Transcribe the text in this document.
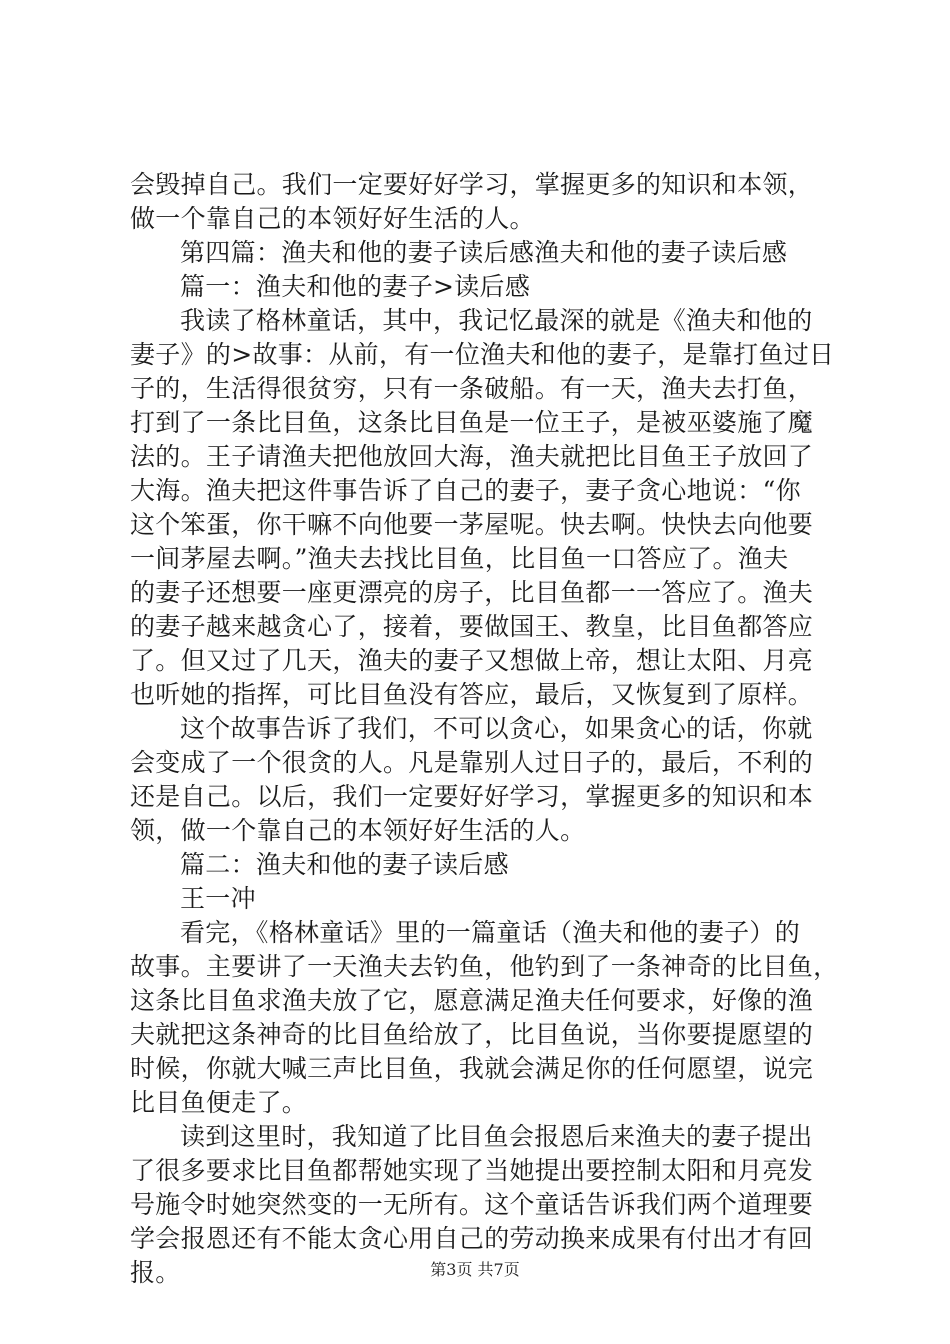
会毁掉自己。我们一定要好好学习，掌握更多的知识和本领，
做一个靠自己的本领好好生活的人。
第四篇：渔夫和他的妻子读后感渔夫和他的妻子读后感
篇一：渔夫和他的妻子>读后感
我读了格林童话，其中，我记忆最深的就是《渔夫和他的
妻子》的>故事：从前，有一位渔夫和他的妻子，是靠打鱼过日
子的，生活得很贫穷，只有一条破船。有一天，渔夫去打鱼，
打到了一条比目鱼，这条比目鱼是一位王子，是被巫婆施了魔
法的。王子请渔夫把他放回大海，渔夫就把比目鱼王子放回了
大海。渔夫把这件事告诉了自己的妻子，妻子贪心地说：“你
这个笨蛋，你干嘛不向他要一茅屋呢。快去啊。快快去向他要
一间茅屋去啊。”渔夫去找比目鱼，比目鱼一口答应了。渔夫
的妻子还想要一座更漂亮的房子，比目鱼都一一答应了。渔夫
的妻子越来越贪心了，接着，要做国王、教皇，比目鱼都答应
了。但又过了几天，渔夫的妻子又想做上帝，想让太阳、月亮
也听她的指挥，可比目鱼没有答应，最后，又恢复到了原样。
这个故事告诉了我们，不可以贪心，如果贪心的话，你就
会变成了一个很贪的人。凡是靠别人过日子的，最后，不利的
还是自己。以后，我们一定要好好学习，掌握更多的知识和本
领，做一个靠自己的本领好好生活的人。
篇二：渔夫和他的妻子读后感
王一冲
看完，《格林童话》里的一篇童话（渔夫和他的妻子）的
故事。主要讲了一天渔夫去钓鱼，他钓到了一条神奇的比目鱼，
这条比目鱼求渔夫放了它，愿意满足渔夫任何要求，好像的渔
夫就把这条神奇的比目鱼给放了，比目鱼说，当你要提愿望的
时候，你就大喊三声比目鱼，我就会满足你的任何愿望，说完
比目鱼便走了。
读到这里时，我知道了比目鱼会报恩后来渔夫的妻子提出
了很多要求比目鱼都帮她实现了当她提出要控制太阳和月亮发
号施令时她突然变的一无所有。这个童话告诉我们两个道理要
学会报恩还有不能太贪心用自己的劳动换来成果有付出才有回
报。	第3页 共7页
